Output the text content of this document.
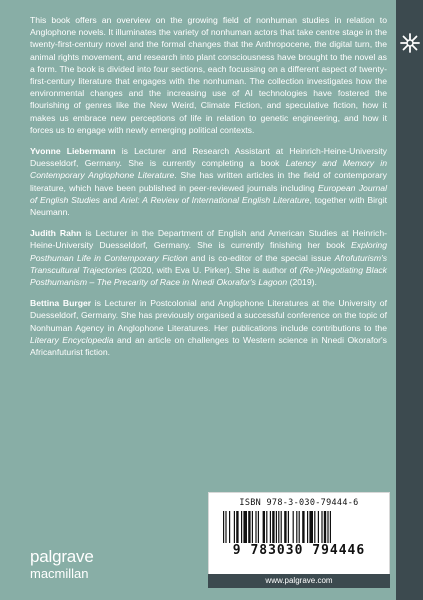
This book offers an overview on the growing field of nonhuman studies in relation to Anglophone novels. It illuminates the variety of nonhuman actors that take centre stage in the twenty-first-century novel and the formal changes that the Anthropocene, the digital turn, the animal rights movement, and research into plant consciousness have brought to the novel as a form. The book is divided into four sections, each focussing on a different aspect of twenty-first-century literature that engages with the nonhuman. The collection investigates how the environmental changes and the increasing use of AI technologies have fostered the flourishing of genres like the New Weird, Climate Fiction, and speculative fiction, how it makes us embrace new perceptions of life in relation to genetic engineering, and how it forces us to engage with newly emerging political contexts.

Yvonne Liebermann is Lecturer and Research Assistant at Heinrich-Heine-University Duesseldorf, Germany. She is currently completing a book Latency and Memory in Contemporary Anglophone Literature. She has written articles in the field of contemporary literature, which have been published in peer-reviewed journals including European Journal of English Studies and Ariel: A Review of International English Literature, together with Birgit Neumann.

Judith Rahn is Lecturer in the Department of English and American Studies at Heinrich-Heine-University Duesseldorf, Germany. She is currently finishing her book Exploring Posthuman Life in Contemporary Fiction and is co-editor of the special issue Afrofuturism's Transcultural Trajectories (2020, with Eva U. Pirker). She is author of (Re-)Negotiating Black Posthumanism – The Precarity of Race in Nnedi Okorafor's Lagoon (2019).

Bettina Burger is Lecturer in Postcolonial and Anglophone Literatures at the University of Duesseldorf, Germany. She has previously organised a successful conference on the topic of Nonhuman Agency in Anglophone Literatures. Her publications include contributions to the Literary Encyclopedia and an article on challenges to Western science in Nnedi Okorafor's Africanfuturist fiction.

ISBN 978-3-030-79444-6
9 783030 794446
www.palgrave.com
palgrave
macmillan
